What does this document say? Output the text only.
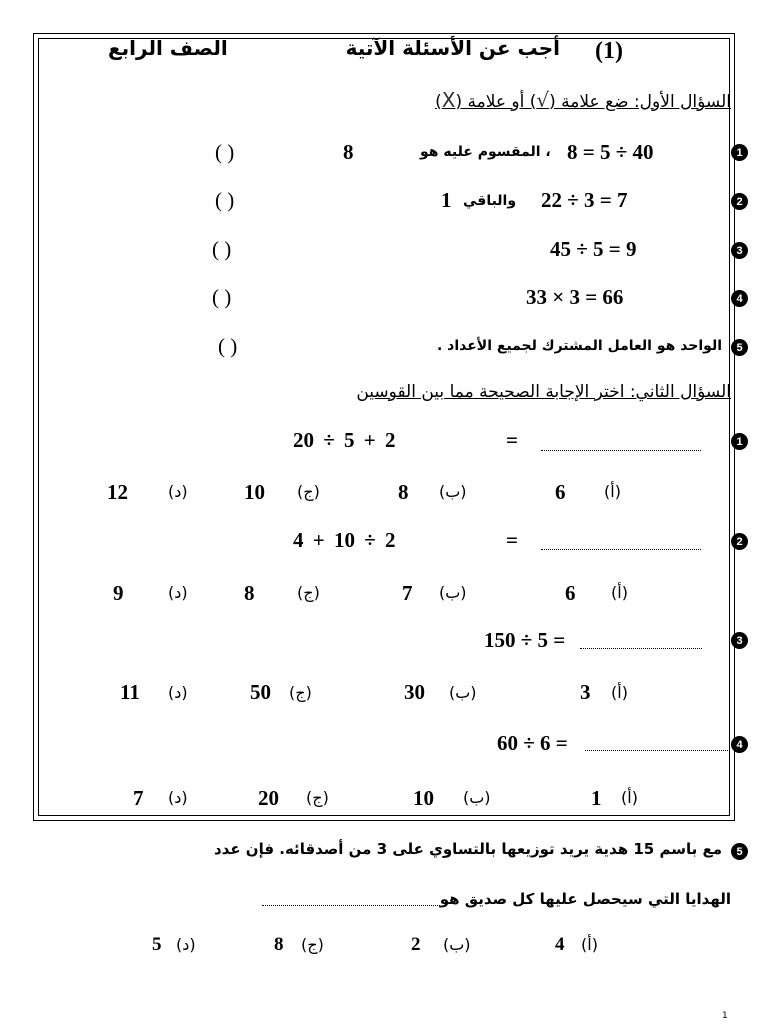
(1)
أجب عن الأسئلة الآتية
الصف الرابع
السؤال الأول: ضع علامة (√) أو علامة (X)
1
8 = 5 ÷ 40
، المقسوم عليه هو
8
( )
2
22 ÷ 3 = 7
والباقي
1
( )
3
45 ÷ 5 = 9
( )
4
33 × 3 = 66
( )
5
الواحد هو العامل المشترك لجميع الأعداد .
( )
السؤال الثاني: اختر الإجابة الصحيحة مما بين القوسين
1
=
20 ÷ 5 + 2
(أ)
6
(ب)
8
(ج)
10
(د)
12
2
=
4 + 10 ÷ 2
(أ)
6
(ب)
7
(ج)
8
(د)
9
3
150 ÷ 5 =
(أ)
3
(ب)
30
(ج)
50
(د)
11
4
60 ÷ 6 =
(أ)
1
(ب)
10
(ج)
20
(د)
7
5
مع باسم 15 هدية يريد توزيعها بالتساوي على 3 من أصدقائه. فإن عدد
الهدايا التي سيحصل عليها كل صديق هو
(أ)
4
(ب)
2
(ج)
8
(د)
5
1
